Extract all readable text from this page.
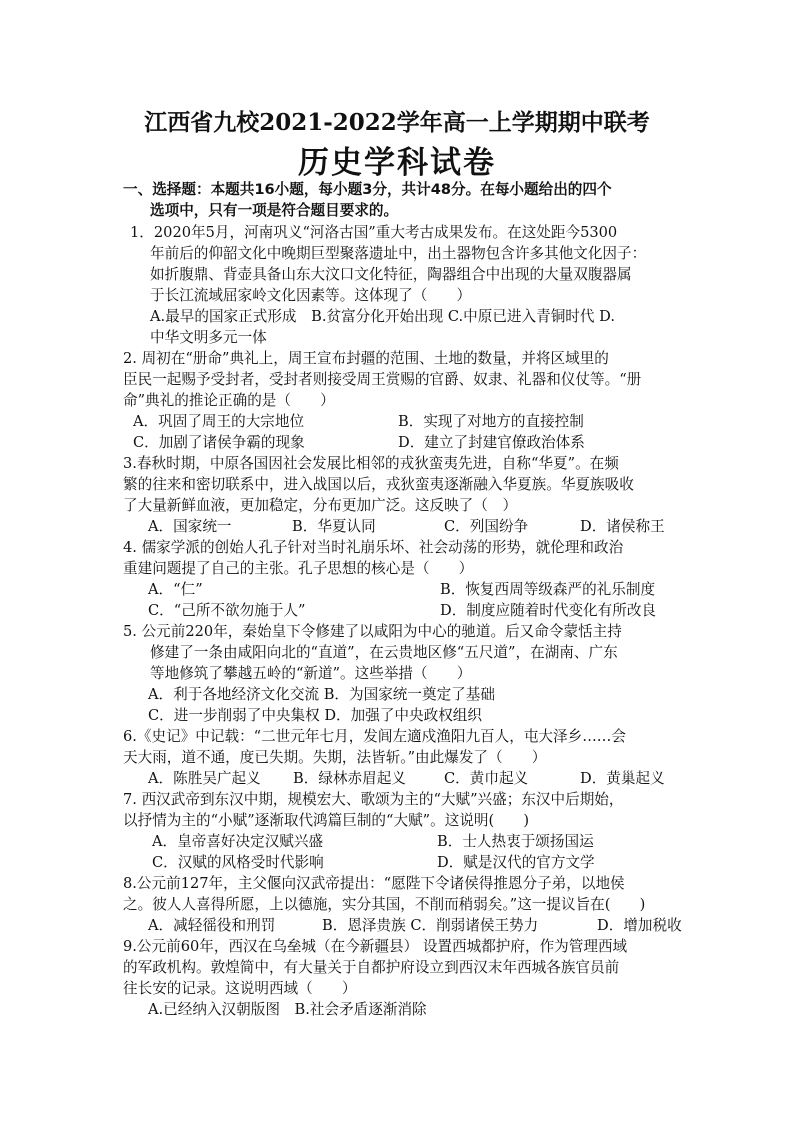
江西省九校2021-2022学年高一上学期期中联考
历史学科试卷
一、选择题：本题共16小题，每小题3分，共计48分。在每小题给出的四个
选项中，只有一项是符合题目要求的。
1．2020年5月，河南巩义“河洛古国”重大考古成果发布。在这处距今5300
年前后的仰韶文化中晚期巨型聚落遗址中，出土器物包含许多其他文化因子：
如折腹鼎、背壶具备山东大汶口文化特征，陶器组合中出现的大量双腹器属
于长江流域屈家岭文化因素等。这体现了（　　）
A.最早的国家正式形成　B.贫富分化开始出现 C.中原已进入青铜时代 D.
中华文明多元一体
2. 周初在“册命”典礼上，周王宣布封疆的范围、土地的数量，并将区域里的
臣民一起赐予受封者，受封者则接受周王赏赐的官爵、奴隶、礼器和仪仗等。“册
命”典礼的推论正确的是（　　）
A．巩固了周王的大宗地位	B．实现了对地方的直接控制
C．加剧了诸侯争霸的现象	D．建立了封建官僚政治体系
3.春秋时期，中原各国因社会发展比相邻的戎狄蛮夷先进，自称“华夏”。在频
繁的往来和密切联系中，进入战国以后，戎狄蛮夷逐渐融入华夏族。华夏族吸收
了大量新鲜血液，更加稳定，分布更加广泛。这反映了（　）
A．国家统一	B．华夏认同	C．列国纷争	D．诸侯称王
4. 儒家学派的创始人孔子针对当时礼崩乐坏、社会动荡的形势，就伦理和政治
重建问题提了自己的主张。孔子思想的核心是（　　）
A．“仁”	B．恢复西周等级森严的礼乐制度
C．“己所不欲勿施于人”	D．制度应随着时代变化有所改良
5. 公元前220年，秦始皇下令修建了以咸阳为中心的驰道。后又命令蒙恬主持
修建了一条由咸阳向北的“直道”，在云贵地区修“五尺道”，在湖南、广东
等地修筑了攀越五岭的“新道”。这些举措（　　）
A．利于各地经济文化交流 B．为国家统一奠定了基础
C．进一步削弱了中央集权 D．加强了中央政权组织
6.《史记》中记载：“二世元年七月，发闾左適戍渔阳九百人，屯大泽乡……会
天大雨，道不通，度已失期。失期，法皆斩。”由此爆发了（　　）
A．陈胜吴广起义 B．绿林赤眉起义	C．黄巾起义	D．黄巢起义
7. 西汉武帝到东汉中期，规模宏大、歌颂为主的“大赋”兴盛；东汉中后期始，
以抒情为主的“小赋”逐渐取代鸿篇巨制的“大赋”。这说明(　　)
A．皇帝喜好决定汉赋兴盛	B．士人热衷于颂扬国运
C．汉赋的风格受时代影响	D．赋是汉代的官方文学
8.公元前127年，主父偃向汉武帝提出：“愿陛下令诸侯得推恩分子弟，以地侯
之。彼人人喜得所愿，上以德施，实分其国，不削而稍弱矣。”这一提议旨在(　　)
A．减轻徭役和刑罚	B．恩泽贵族 C．削弱诸侯王势力	D．增加税收
9.公元前60年，西汉在乌垒城（在今新疆县） 设置西城都护府，作为管理西域
的军政机构。敦煌简中，有大量关于自都护府设立到西汉末年西城各族官员前
往长安的记录。这说明西域（　　）
A.已经纳入汉朝版图　B.社会矛盾逐渐消除
